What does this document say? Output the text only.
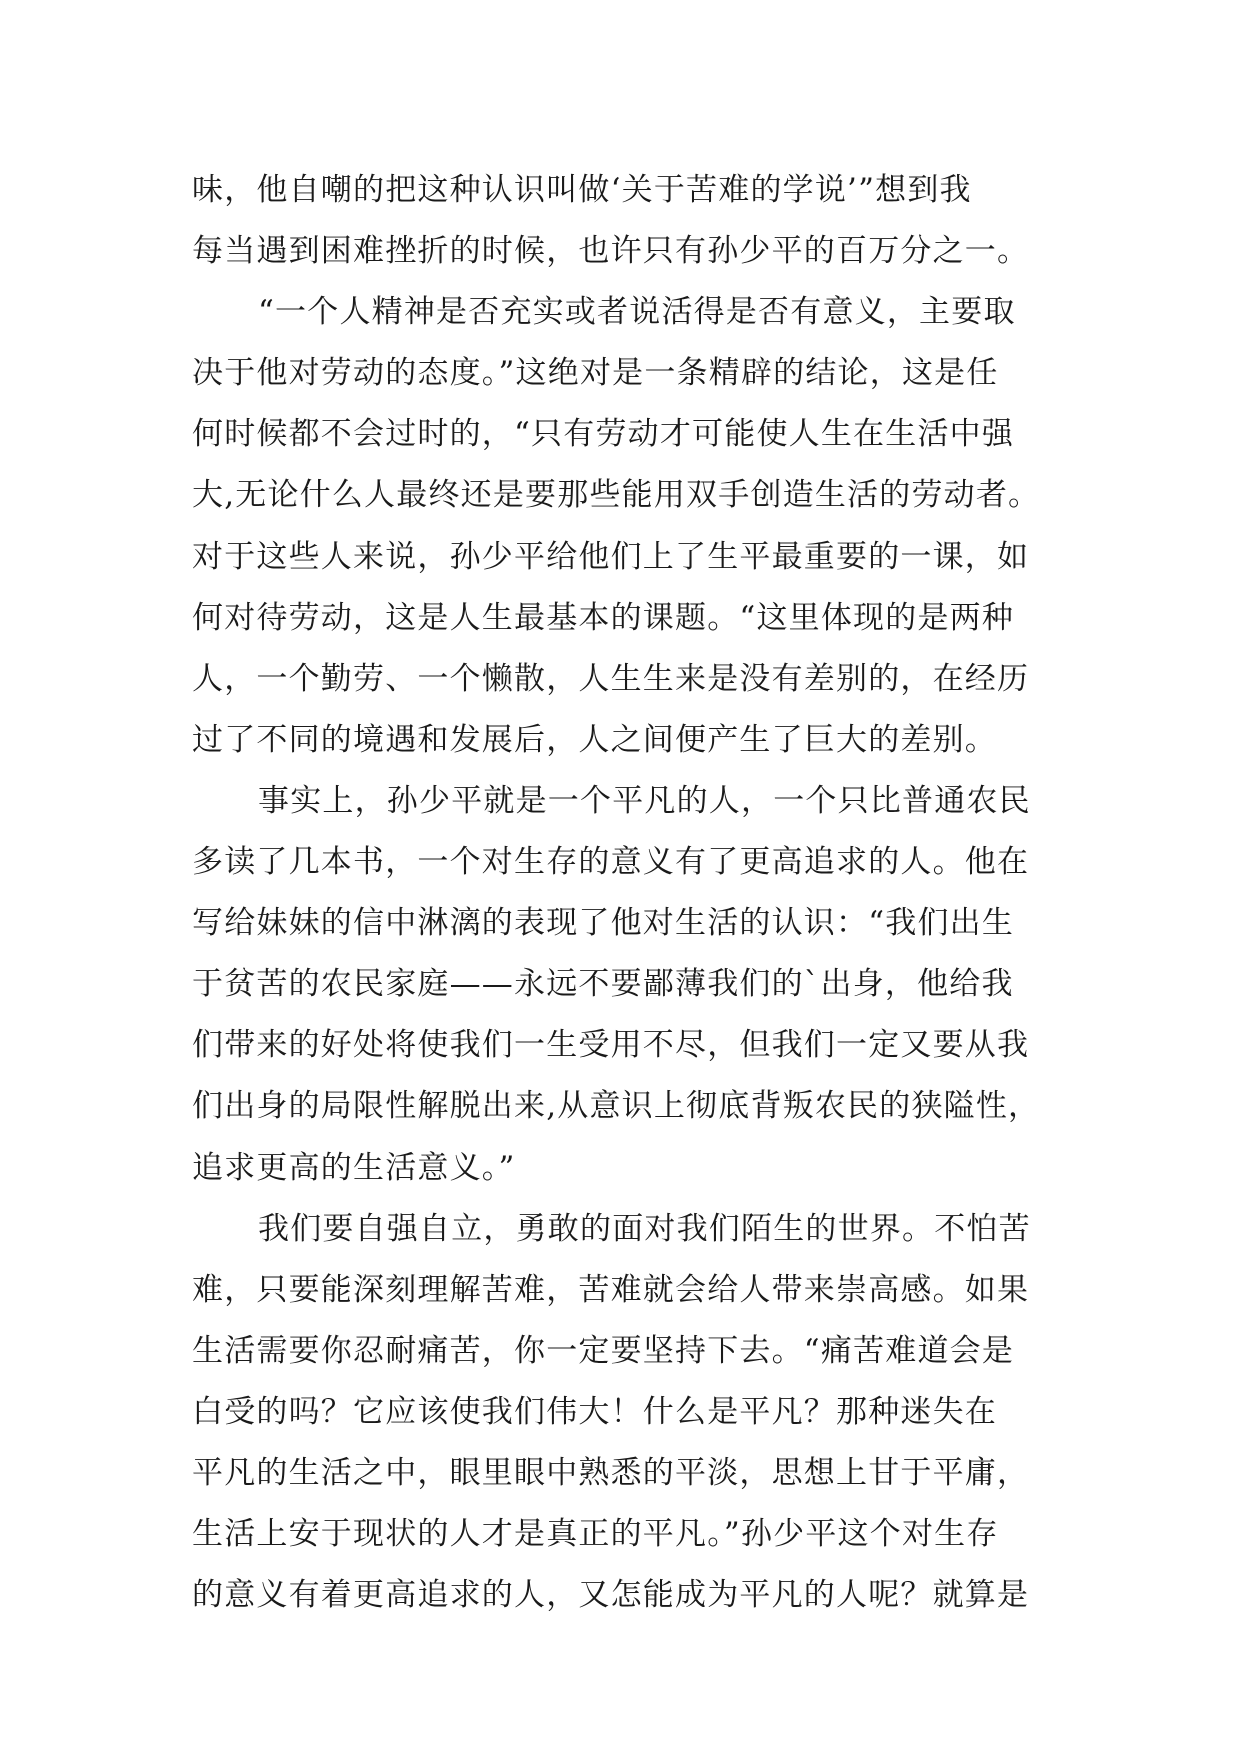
味，他自嘲的把这种认识叫做‘关于苦难的学说’”想到我
每当遇到困难挫折的时候，也许只有孙少平的百万分之一。
“一个人精神是否充实或者说活得是否有意义，主要取
决于他对劳动的态度。”这绝对是一条精辟的结论，这是任
何时候都不会过时的，“只有劳动才可能使人生在生活中强
大,无论什么人最终还是要那些能用双手创造生活的劳动者。
对于这些人来说，孙少平给他们上了生平最重要的一课，如
何对待劳动，这是人生最基本的课题。“这里体现的是两种
人，一个勤劳、一个懒散，人生生来是没有差别的，在经历
过了不同的境遇和发展后，人之间便产生了巨大的差别。
事实上，孙少平就是一个平凡的人，一个只比普通农民
多读了几本书，一个对生存的意义有了更高追求的人。他在
写给妹妹的信中淋漓的表现了他对生活的认识：“我们出生
于贫苦的农民家庭——永远不要鄙薄我们的`出身，他给我
们带来的好处将使我们一生受用不尽，但我们一定又要从我
们出身的局限性解脱出来,从意识上彻底背叛农民的狭隘性，
追求更高的生活意义。”
我们要自强自立，勇敢的面对我们陌生的世界。不怕苦
难，只要能深刻理解苦难，苦难就会给人带来崇高感。如果
生活需要你忍耐痛苦，你一定要坚持下去。“痛苦难道会是
白受的吗？它应该使我们伟大！什么是平凡？那种迷失在
平凡的生活之中，眼里眼中熟悉的平淡，思想上甘于平庸，
生活上安于现状的人才是真正的平凡。”孙少平这个对生存
的意义有着更高追求的人，又怎能成为平凡的人呢？就算是
